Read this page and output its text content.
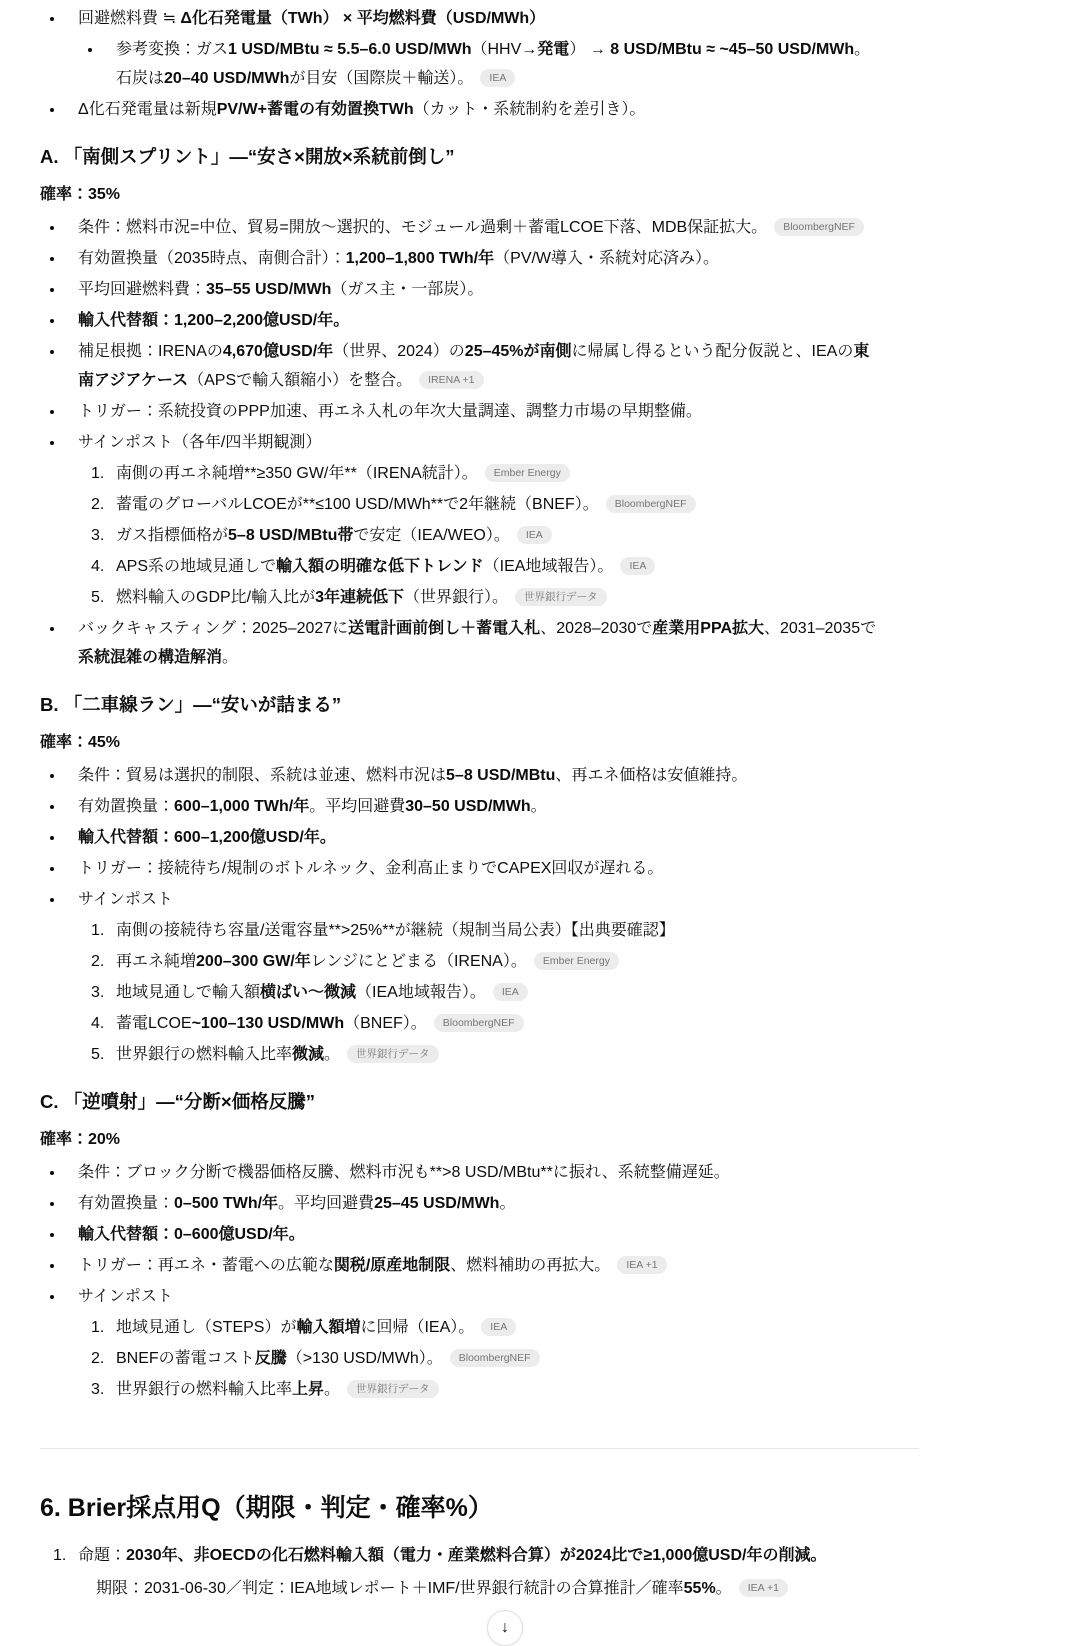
回避燃料費 ≒ Δ化石発電量（TWh） × 平均燃料費（USD/MWh）
参考変換：ガス1 USD/MBtu ≈ 5.5–6.0 USD/MWh（HHV→発電） → 8 USD/MBtu ≈ ~45–50 USD/MWh。石炭は20–40 USD/MWhが目安（国際炭＋輸送）。 IEA
Δ化石発電量は新規PV/W+蓄電の有効置換TWh（カット・系統制約を差引き）。
A. 「南側スプリント」—“安さ×開放×系統前倒し”

確率：35%

条件：燃料市況=中位、貿易=開放～選択的、モジュール過剰＋蓄電LCOE下落、MDB保証拡大。 BloombergNEF
有効置換量（2035時点、南側合計）：1,200–1,800 TWh/年（PV/W導入・系統対応済み）。
平均回避燃料費：35–55 USD/MWh（ガス主・一部炭）。
輸入代替額：1,200–2,200億USD/年。
補足根拠：IRENAの4,670億USD/年（世界、2024）の25–45%が南側に帰属し得るという配分仮説と、IEAの東南アジアケース（APSで輸入額縮小）を整合。 IRENA +1
トリガー：系統投資のPPP加速、再エネ入札の年次大量調達、調整力市場の早期整備。
サインポスト（各年/四半期観測）
1. 南側の再エネ純増**≥350 GW/年**（IRENA統計）。 Ember Energy
2. 蓄電のグローバルLCOEが**≤100 USD/MWh**で2年継続（BNEF）。 BloombergNEF
3. ガス指標価格が5–8 USD/MBtu帯で安定（IEA/WEO）。 IEA
4. APS系の地域見通しで輸入額の明確な低下トレンド（IEA地域報告）。 IEA
5. 燃料輸入のGDP比/輸入比が3年連続低下（世界銀行）。 世界銀行データ
バックキャスティング：2025–2027に送電計画前倒し＋蓄電入札、2028–2030で産業用PPA拡大、2031–2035で系統混雑の構造解消。
B. 「二車線ラン」—“安いが詰まる”

確率：45%

条件：貿易は選択的制限、系統は並速、燃料市況は5–8 USD/MBtu、再エネ価格は安値維持。
有効置換量：600–1,000 TWh/年。平均回避費30–50 USD/MWh。
輸入代替額：600–1,200億USD/年。
トリガー：接続待ち/規制のボトルネック、金利高止まりでCAPEX回収が遅れる。
サインポスト
1. 南側の接続待ち容量/送電容量**>25%**が継続（規制当局公表）【出典要確認】
2. 再エネ純増200–300 GW/年レンジにとどまる（IRENA）。 Ember Energy
3. 地域見通しで輸入額横ばい～微減（IEA地域報告）。 IEA
4. 蓄電LCOE~100–130 USD/MWh（BNEF）。 BloombergNEF
5. 世界銀行の燃料輸入比率微減。 世界銀行データ
C. 「逆噴射」—“分断×価格反騰”

確率：20%

条件：ブロック分断で機器価格反騰、燃料市況も**>8 USD/MBtu**に振れ、系統整備遅延。
有効置換量：0–500 TWh/年。平均回避費25–45 USD/MWh。
輸入代替額：0–600億USD/年。
トリガー：再エネ・蓄電への広範な関税/原産地制限、燃料補助の再拡大。 IEA +1
サインポスト
1. 地域見通し（STEPS）が輸入額増に回帰（IEA）。 IEA
2. BNEFの蓄電コスト反騰（>130 USD/MWh）。 BloombergNEF
3. 世界銀行の燃料輸入比率上昇。 世界銀行データ
6. Brier採点用Q（期限・判定・確率%）
1. 命題：2030年、非OECDの化石燃料輸入額（電力・産業燃料合算）が2024比で≥1,000億USD/年の削減。
期限：2031-06-30／判定：IEA地域レポート＋IMF/世界銀行統計の合算推計／確率55%。 IEA +1
↓
